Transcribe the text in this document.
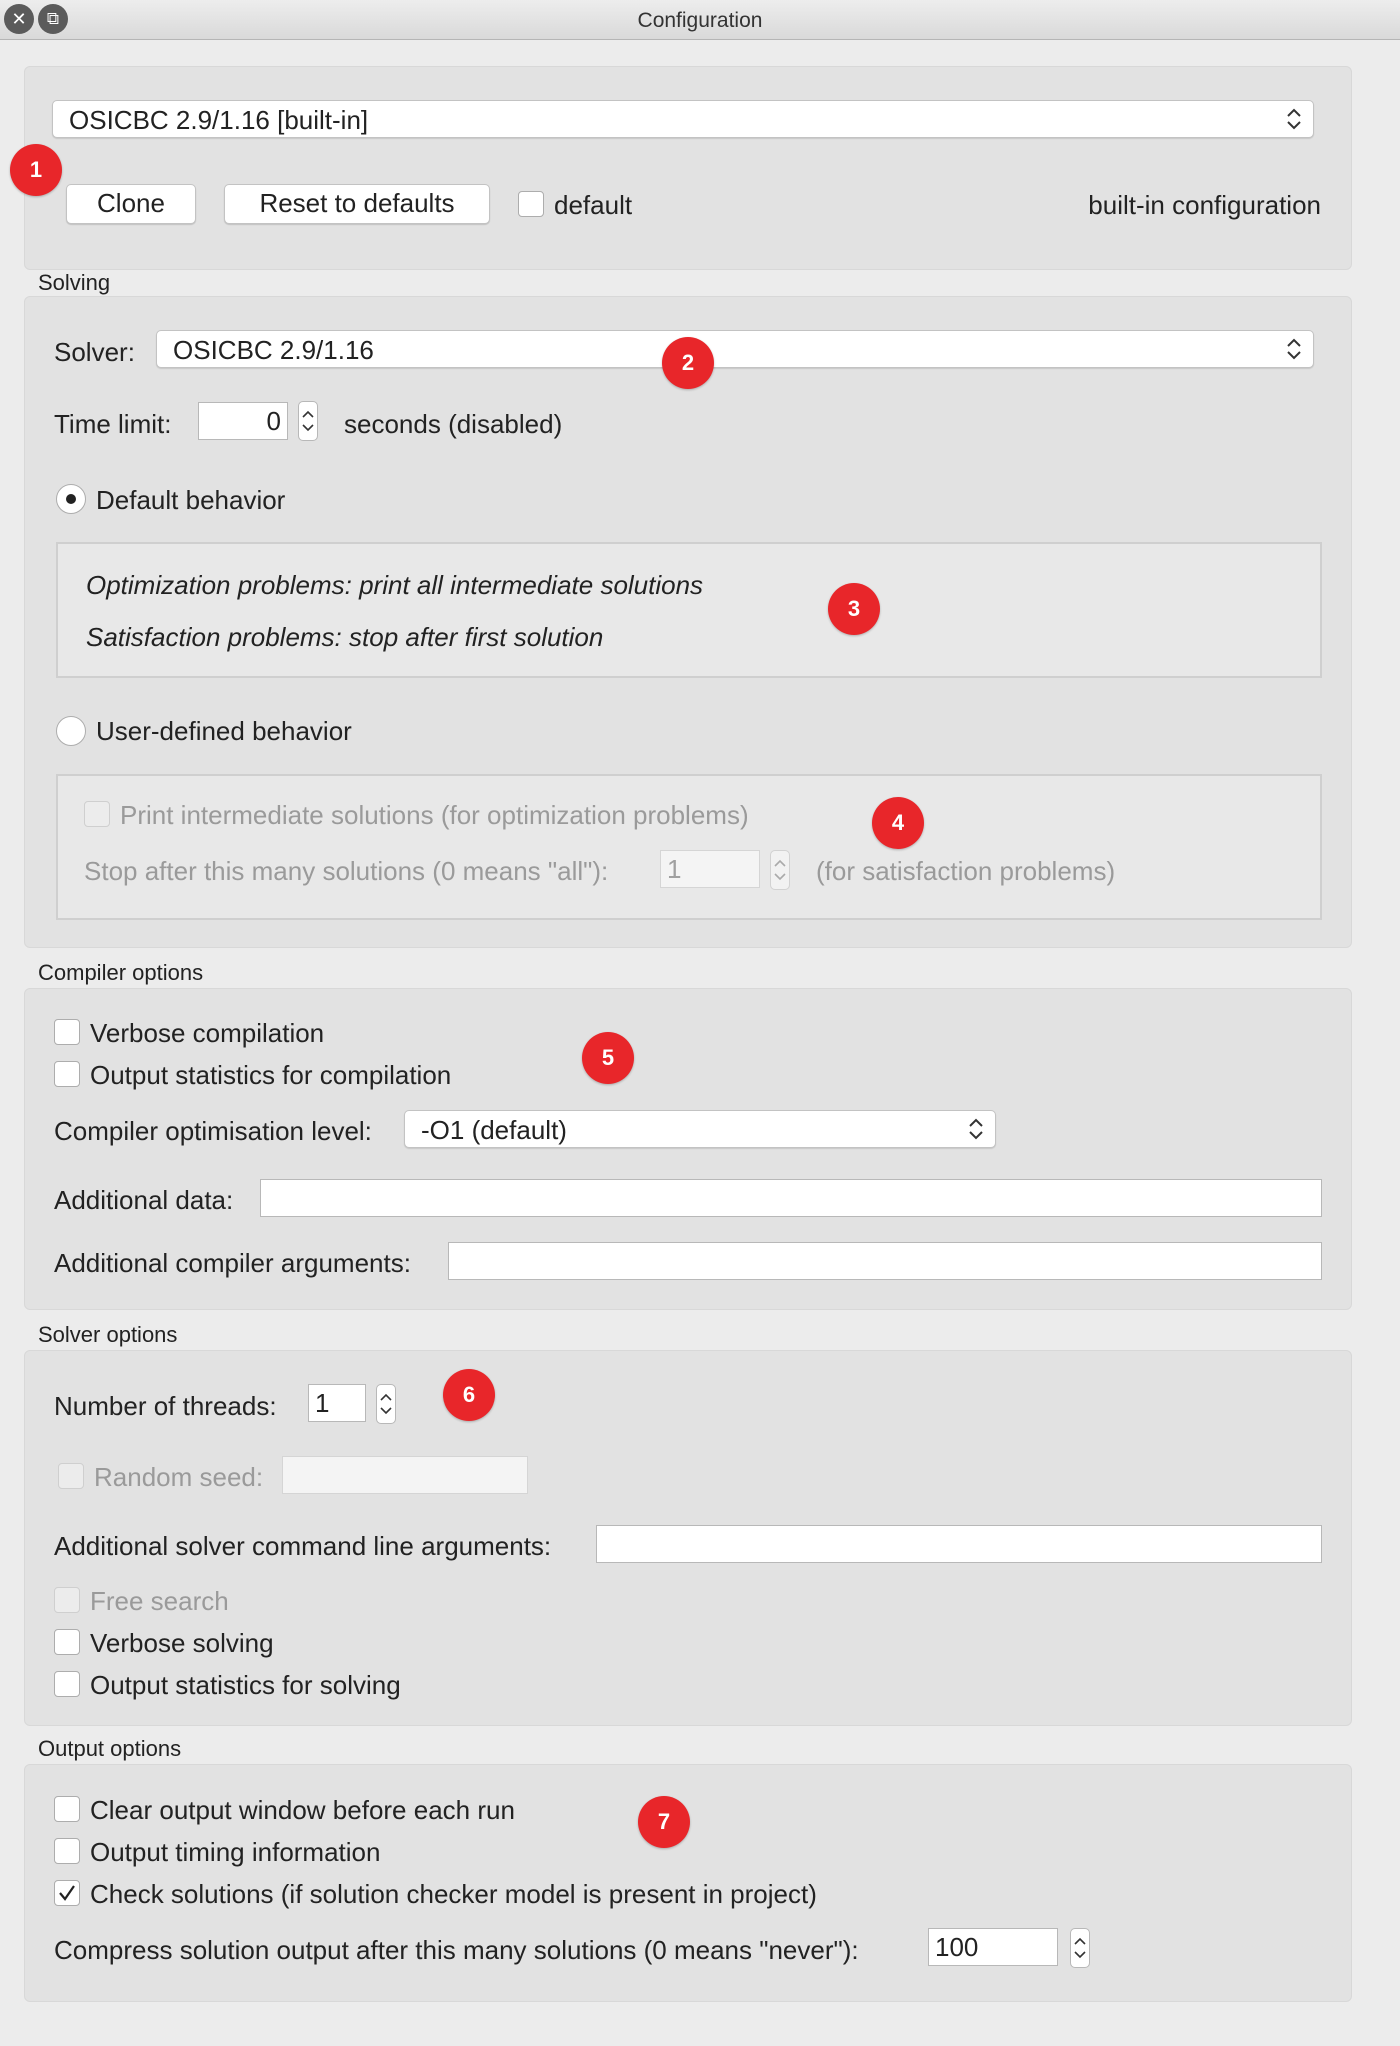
✕	⧉	Configuration
OSICBC 2.9/1.16 [built-in]
Clone	Reset to defaults	default	built-in configuration
Solving
Solver: OSICBC 2.9/1.16
Time limit:	0 seconds (disabled)
Default behavior
Optimization problems: print all intermediate solutions
Satisfaction problems: stop after first solution
User-defined behavior
Print intermediate solutions (for optimization problems)
Stop after this many solutions (0 means "all"): 1	(for satisfaction problems)
Compiler options
Verbose compilation
Output statistics for compilation
Compiler optimisation level: -O1 (default)
Additional data:
Additional compiler arguments:
Solver options
Number of threads: 1
Random seed:
Additional solver command line arguments:
Free search
Verbose solving
Output statistics for solving
Output options
Clear output window before each run
Output timing information
Check solutions (if solution checker model is present in project)
Compress solution output after this many solutions (0 means "never"):	100
1
2
3
4
5
6
7
